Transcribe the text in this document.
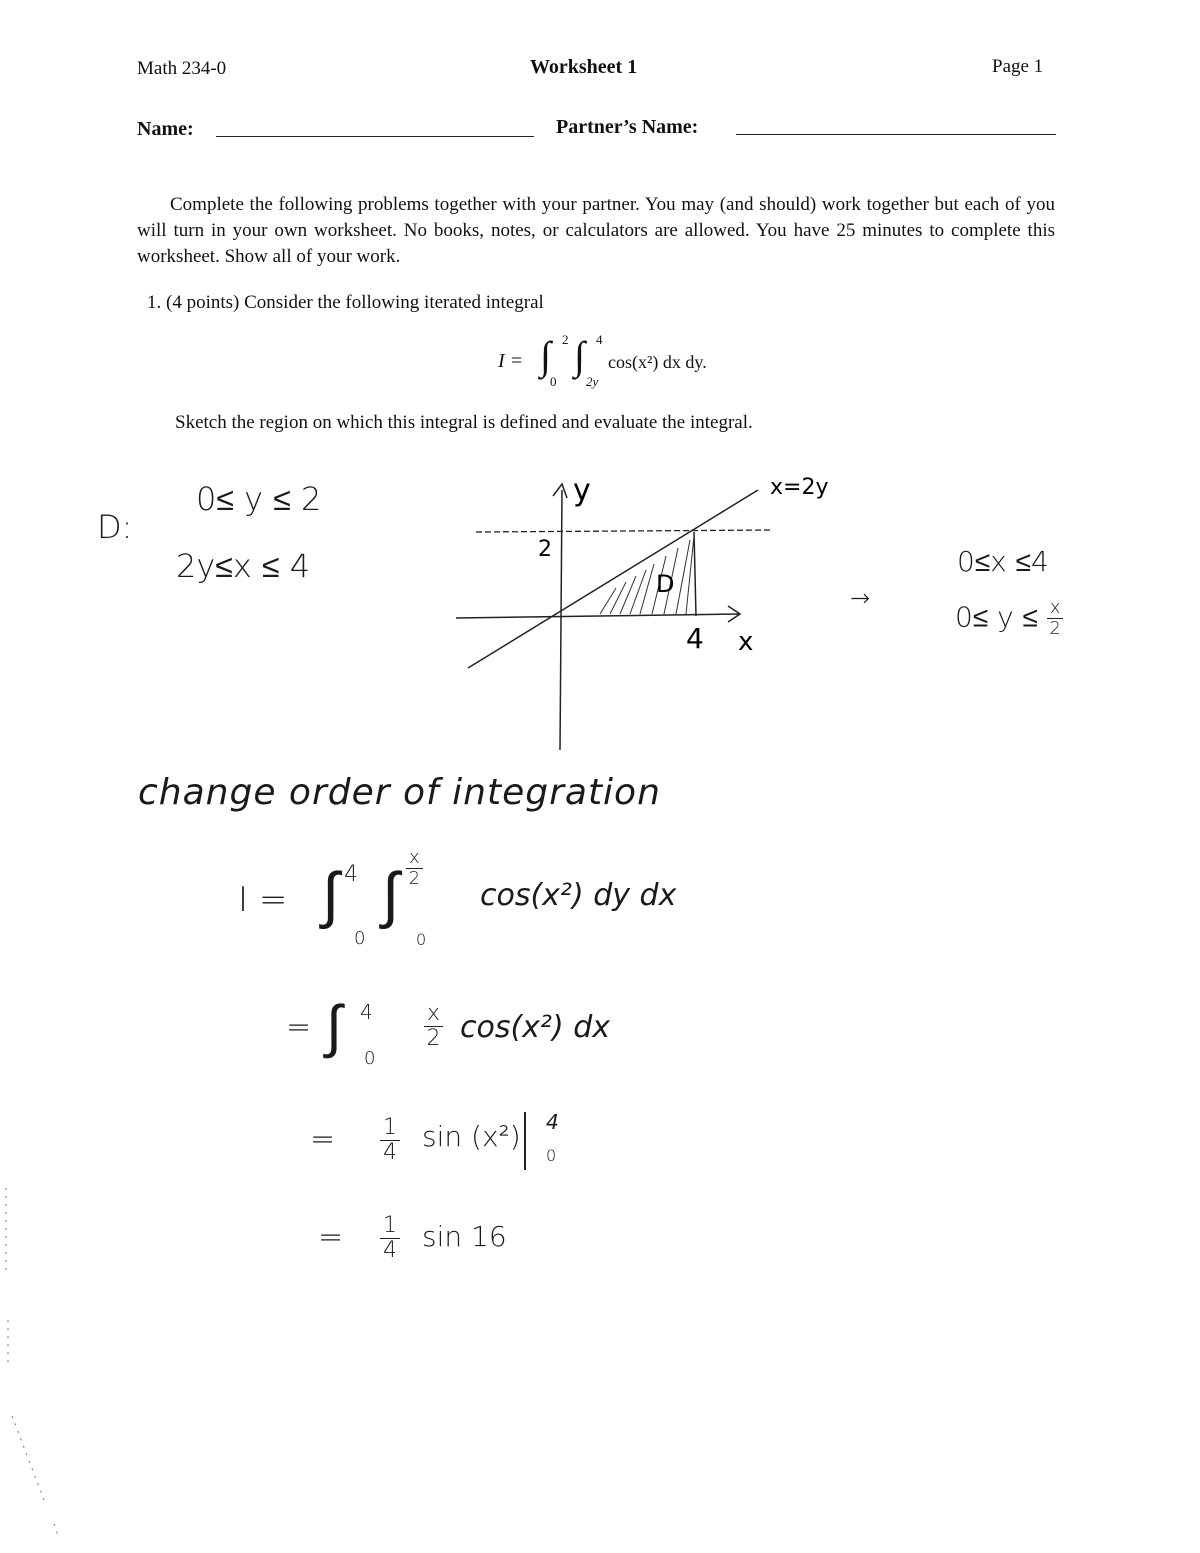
Math 234-0	Worksheet 1	Page 1
Name:	Partner’s Name:
Complete the following problems together with your partner. You may (and should) work together but each of you will turn in your own worksheet. No books, notes, or calculators are allowed. You have 25 minutes to complete this worksheet. Show all of your work.
1. (4 points) Consider the following iterated integral
I = ∫ 2
0
∫ 4
2y
cos(x²) dx dy.
Sketch the region on which this integral is defined and evaluate the integral.
D:
0≤ y ≤ 2
2y≤x ≤ 4
y
x
x=2y
2
4
D	→
0≤x ≤4
$0\le y \le \frac{x}{2}$
change order of integration
I = ∫ 4
0
∫ $\frac{x}{2}$
0
cos(x²) dy dx
= ∫ 4
0
$\frac{x}{2} \cos(x^2)$ dx
= $\frac{1}{4}$ sin (x²) 4
0
= $\frac{1}{4}$ sin 16
